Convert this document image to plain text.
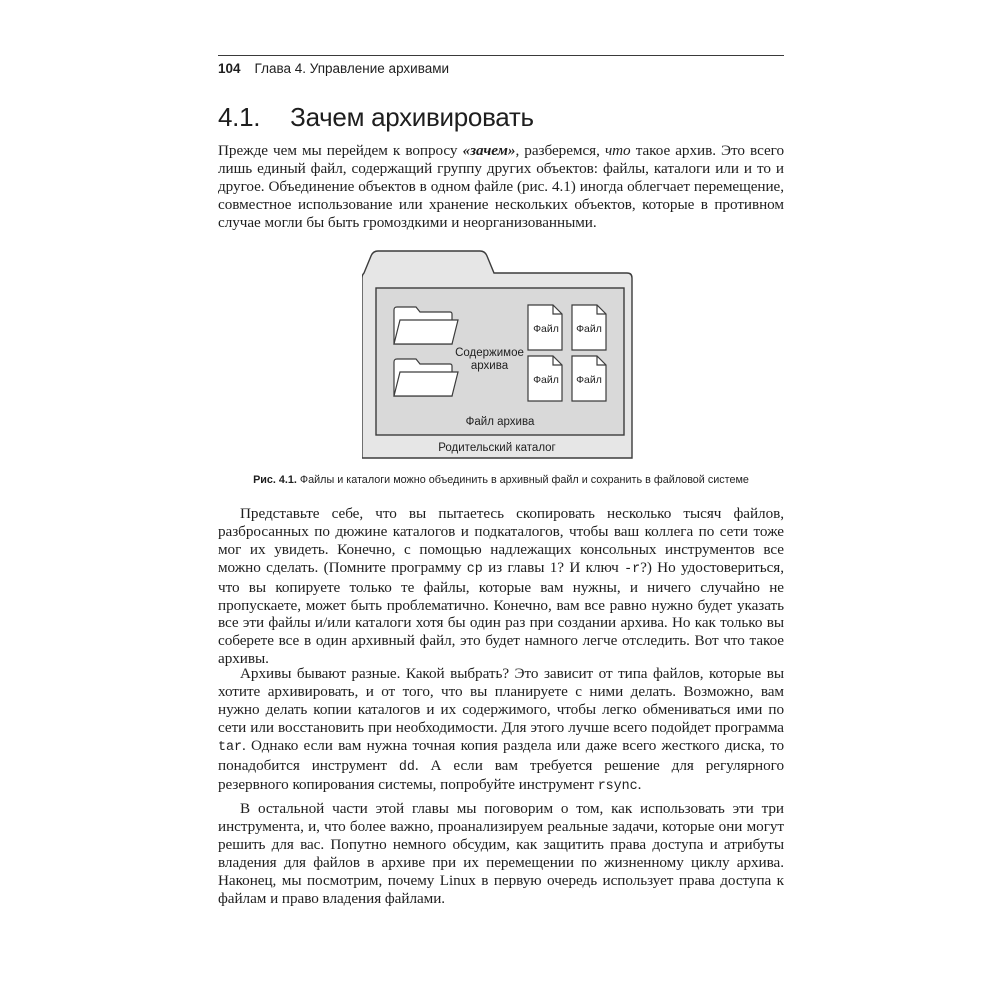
104 Глава 4. Управление архивами
4.1. Зачем архивировать

Прежде чем мы перейдем к вопросу «зачем», разберемся, что такое архив. Это всего лишь единый файл, содержащий группу других объектов: файлы, каталоги или и то и другое. Объединение объектов в одном файле (рис. 4.1) иногда облегчает перемещение, совместное использование или хранение нескольких объектов, которые в противном случае могли бы быть громоздкими и неорганизованными.

Файл Файл
Файл Файл
Содержимое
архива
Файл архива
Родительский каталог
Рис. 4.1. Файлы и каталоги можно объединить в архивный файл и сохранить в файловой системе

Представьте себе, что вы пытаетесь скопировать несколько тысяч файлов, разбросанных по дюжине каталогов и подкаталогов, чтобы ваш коллега по сети тоже мог их увидеть. Конечно, с помощью надлежащих консольных инструментов все можно сделать. (Помните программу cp из главы 1? И ключ -r?) Но удостовериться, что вы копируете только те файлы, которые вам нужны, и ничего случайно не пропускаете, может быть проблематично. Конечно, вам все равно нужно будет указать все эти файлы и/или каталоги хотя бы один раз при создании архива. Но как только вы соберете все в один архивный файл, это будет намного легче отследить. Вот что такое архивы.

Архивы бывают разные. Какой выбрать? Это зависит от типа файлов, которые вы хотите архивировать, и от того, что вы планируете с ними делать. Возможно, вам нужно делать копии каталогов и их содержимого, чтобы легко обмениваться ими по сети или восстановить при необходимости. Для этого лучше всего подойдет программа tar. Однако если вам нужна точная копия раздела или даже всего жесткого диска, то понадобится инструмент dd. А если вам требуется решение для регулярного резервного копирования системы, попробуйте инструмент rsync.

В остальной части этой главы мы поговорим о том, как использовать эти три инструмента, и, что более важно, проанализируем реальные задачи, которые они могут решить для вас. Попутно немного обсудим, как защитить права доступа и атрибуты владения для файлов в архиве при их перемещении по жизненному циклу архива. Наконец, мы посмотрим, почему Linux в первую очередь использует права доступа к файлам и право владения файлами.
